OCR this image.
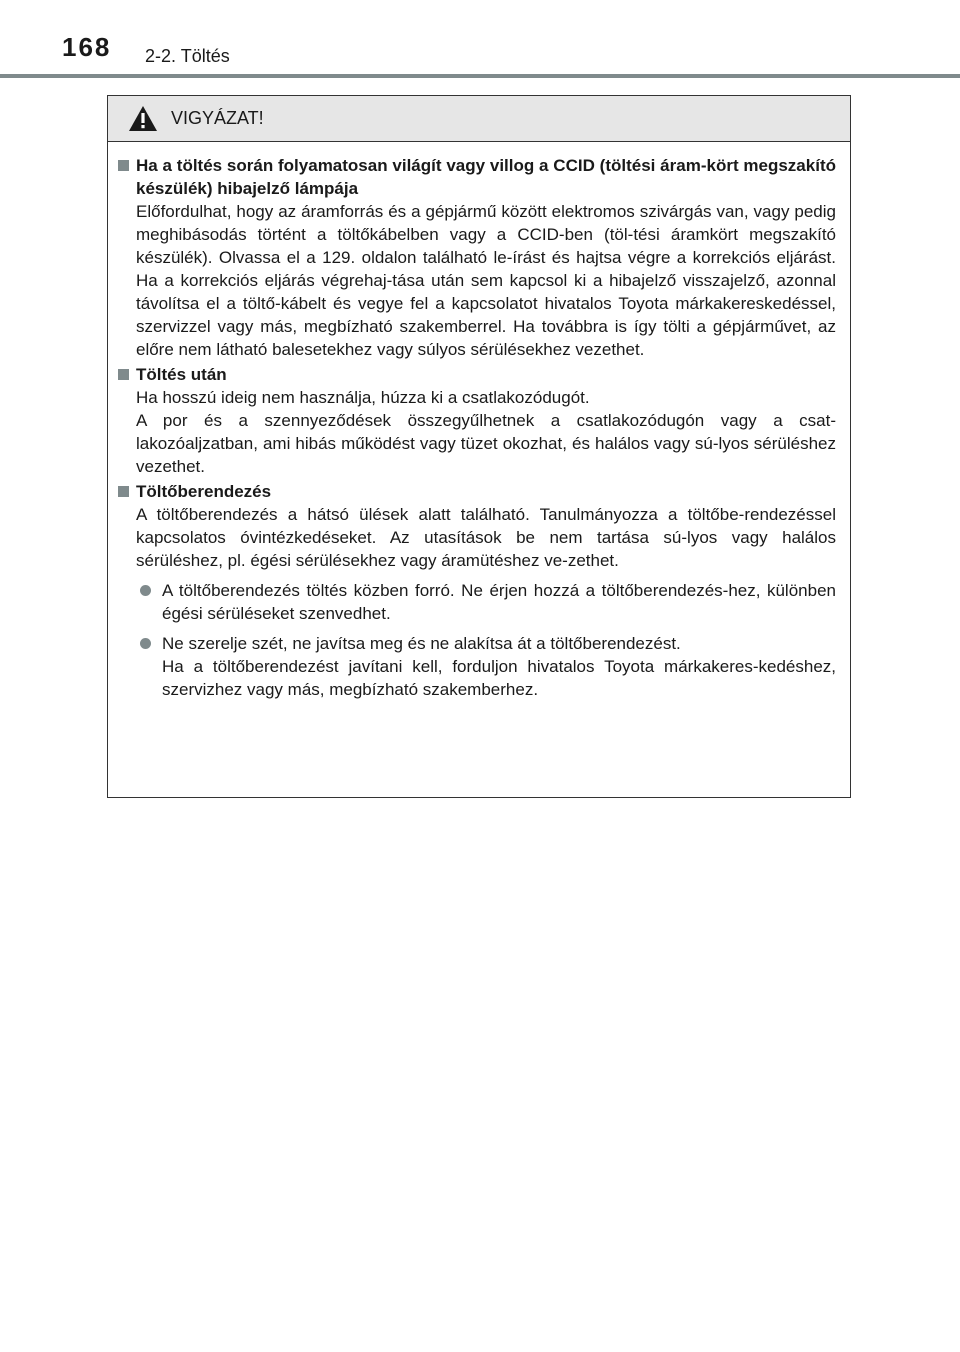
168 2-2. Töltés
VIGYÁZAT!
Ha a töltés során folyamatosan világít vagy villog a CCID (töltési áram-kört megszakító készülék) hibajelző lámpája
Előfordulhat, hogy az áramforrás és a gépjármű között elektromos szivárgás van, vagy pedig meghibásodás történt a töltőkábelben vagy a CCID-ben (töl-tési áramkört megszakító készülék). Olvassa el a 129. oldalon található le-írást és hajtsa végre a korrekciós eljárást. Ha a korrekciós eljárás végrehaj-tása után sem kapcsol ki a hibajelző visszajelző, azonnal távolítsa el a töltő-kábelt és vegye fel a kapcsolatot hivatalos Toyota márkakereskedéssel, szervizzel vagy más, megbízható szakemberrel. Ha továbbra is így tölti a gépjárművet, az előre nem látható balesetekhez vagy súlyos sérülésekhez vezethet.
Töltés után
Ha hosszú ideig nem használja, húzza ki a csatlakozódugót.
A por és a szennyeződések összegyűlhetnek a csatlakozódugón vagy a csat-lakozóaljzatban, ami hibás működést vagy tüzet okozhat, és halálos vagy sú-lyos sérüléshez vezethet.
Töltőberendezés
A töltőberendezés a hátsó ülések alatt található. Tanulmányozza a töltőbe-rendezéssel kapcsolatos óvintézkedéseket. Az utasítások be nem tartása sú-lyos vagy halálos sérüléshez, pl. égési sérülésekhez vagy áramütéshez ve-zethet.
A töltőberendezés töltés közben forró. Ne érjen hozzá a töltőberendezés-hez, különben égési sérüléseket szenvedhet.
Ne szerelje szét, ne javítsa meg és ne alakítsa át a töltőberendezést.
Ha a töltőberendezést javítani kell, forduljon hivatalos Toyota márkakeres-kedéshez, szervizhez vagy más, megbízható szakemberhez.
